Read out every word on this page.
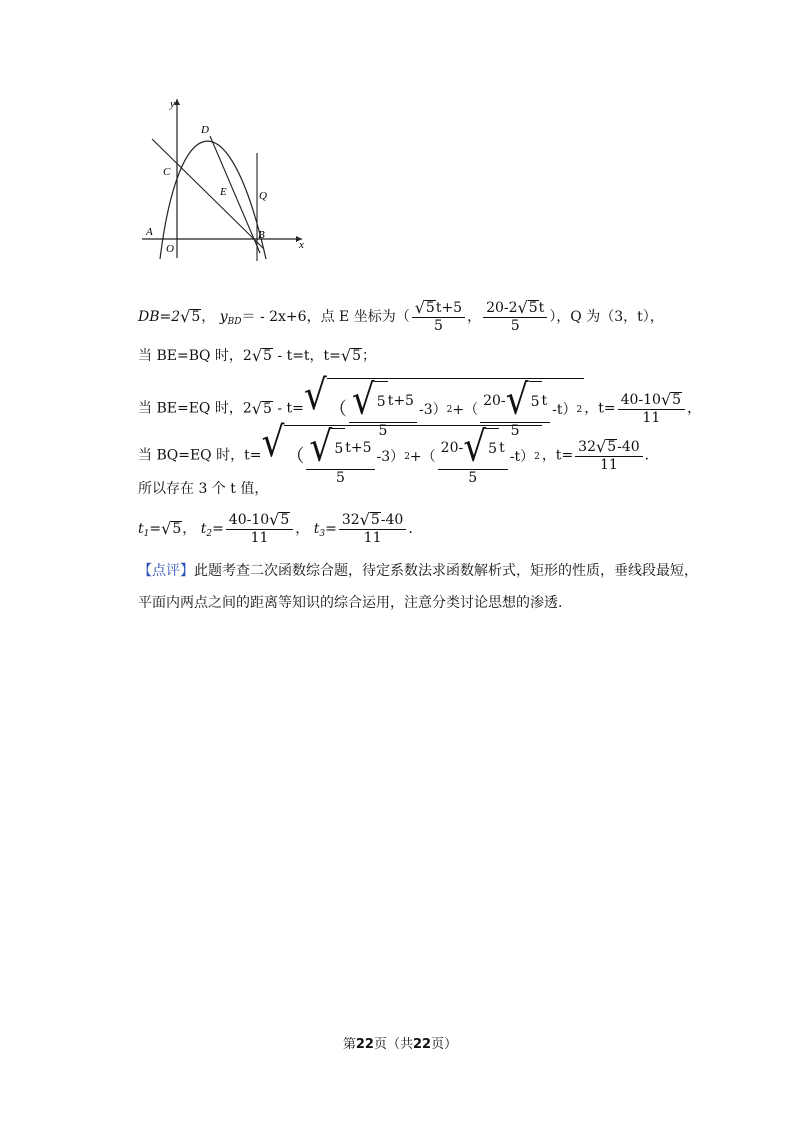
y
x
D
C
E	Q
A
O
B
DB=2 √ 5 ， $y_{BD}= - 2x+6$，点 E 坐标为（ $\frac{√ 5 t+5}{5}$ ， $\frac{20-2 √ 5 t}{5}$ ），Q 为（3，t），
当 BE=BQ 时，2 √ 5 - t=t，t= √ 5 ；
当 BE=EQ 时，2 √ 5 - t= √ （ $\frac{√ 5 t+5}{5} -3$） 2 +（ $\frac{20- √ 5 t}{5} -t$） 2 ，$t= \frac{40-10 √ 5}{11}$ ，
当 BQ=EQ 时，t= √ （ $\frac{√ 5 t+5}{5} -3$） 2 +（ $\frac{20- √ 5 t}{5} -t$） 2 ，$t= \frac{32 √ 5 -40}{11}$ .
所以存在 3 个 t 值，
$t_1=$ √ 5 ， $t_2= \frac{40-10 √ 5}{11}$ ， $t_3= \frac{32 √ 5 -40}{11}$ .
【点评】此题考查二次函数综合题，待定系数法求函数解析式，矩形的性质，垂线段最短，
平面内两点之间的距离等知识的综合运用，注意分类讨论思想的渗透.
第22页（共22页）
